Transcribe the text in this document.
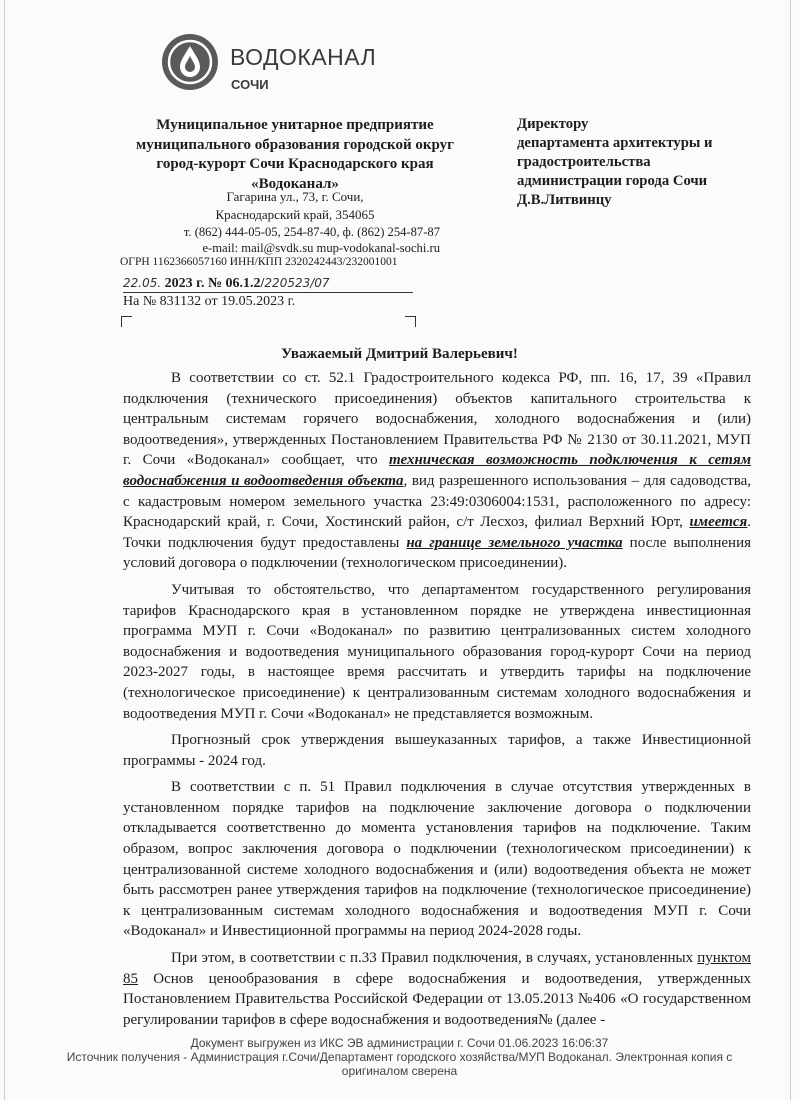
ВОДОКАНАЛ
СОЧИ
Муниципальное унитарное предприятие
муниципального образования городской округ
город-курорт Сочи Краснодарского края
«Водоканал»
Гагарина ул., 73, г. Сочи,
Краснодарский край, 354065
т. (862) 444-05-05, 254-87-40, ф. (862) 254-87-87
e-mail: mail@svdk.su mup-vodokanal-sochi.ru
ОГРН 1162366057160 ИНН/КПП 2320242443/232001001
Директору
департамента архитектуры и
градостроительства
администрации города Сочи
Д.В.Литвинцу
22.05. 2023 г. № 06.1.2/220523/07
На № 831132 от 19.05.2023 г.
Уважаемый Дмитрий Валерьевич!

В соответствии со ст. 52.1 Градостроительного кодекса РФ, пп. 16, 17, 39 «Правил подключения (технического присоединения) объектов капитального строительства к центральным системам горячего водоснабжения, холодного водоснабжения и (или) водоотведения», утвержденных Постановлением Правительства РФ № 2130 от 30.11.2021, МУП г. Сочи «Водоканал» сообщает, что техническая возможность подключения к сетям водоснабжения и водоотведения объекта, вид разрешенного использования – для садоводства, с кадастровым номером земельного участка 23:49:0306004:1531, расположенного по адресу: Краснодарский край, г. Сочи, Хостинский район, с/т Лесхоз, филиал Верхний Юрт, имеется. Точки подключения будут предоставлены на границе земельного участка после выполнения условий договора о подключении (технологическом присоединении).

Учитывая то обстоятельство, что департаментом государственного регулирования тарифов Краснодарского края в установленном порядке не утверждена инвестиционная программа МУП г. Сочи «Водоканал» по развитию централизованных систем холодного водоснабжения и водоотведения муниципального образования город-курорт Сочи на период 2023-2027 годы, в настоящее время рассчитать и утвердить тарифы на подключение (технологическое присоединение) к централизованным системам холодного водоснабжения и водоотведения МУП г. Сочи «Водоканал» не представляется возможным.

Прогнозный срок утверждения вышеуказанных тарифов, а также Инвестиционной программы - 2024 год.

В соответствии с п. 51 Правил подключения в случае отсутствия утвержденных в установленном порядке тарифов на подключение заключение договора о подключении откладывается соответственно до момента установления тарифов на подключение. Таким образом, вопрос заключения договора о подключении (технологическом присоединении) к централизованной системе холодного водоснабжения и (или) водоотведения объекта не может быть рассмотрен ранее утверждения тарифов на подключение (технологическое присоединение) к централизованным системам холодного водоснабжения и водоотведения МУП г. Сочи «Водоканал» и Инвестиционной программы на период 2024-2028 годы.

При этом, в соответствии с п.33 Правил подключения, в случаях, установленных пунктом 85 Основ ценообразования в сфере водоснабжения и водоотведения, утвержденных Постановлением Правительства Российской Федерации от 13.05.2013 №406 «О государственном регулировании тарифов в сфере водоснабжения и водоотведения№ (далее -

Документ выгружен из ИКС ЭВ администрации г. Сочи 01.06.2023 16:06:37
Источник получения - Администрация г.Сочи/Департамент городского хозяйства/МУП Водоканал. Электронная копия с
оригиналом сверена
